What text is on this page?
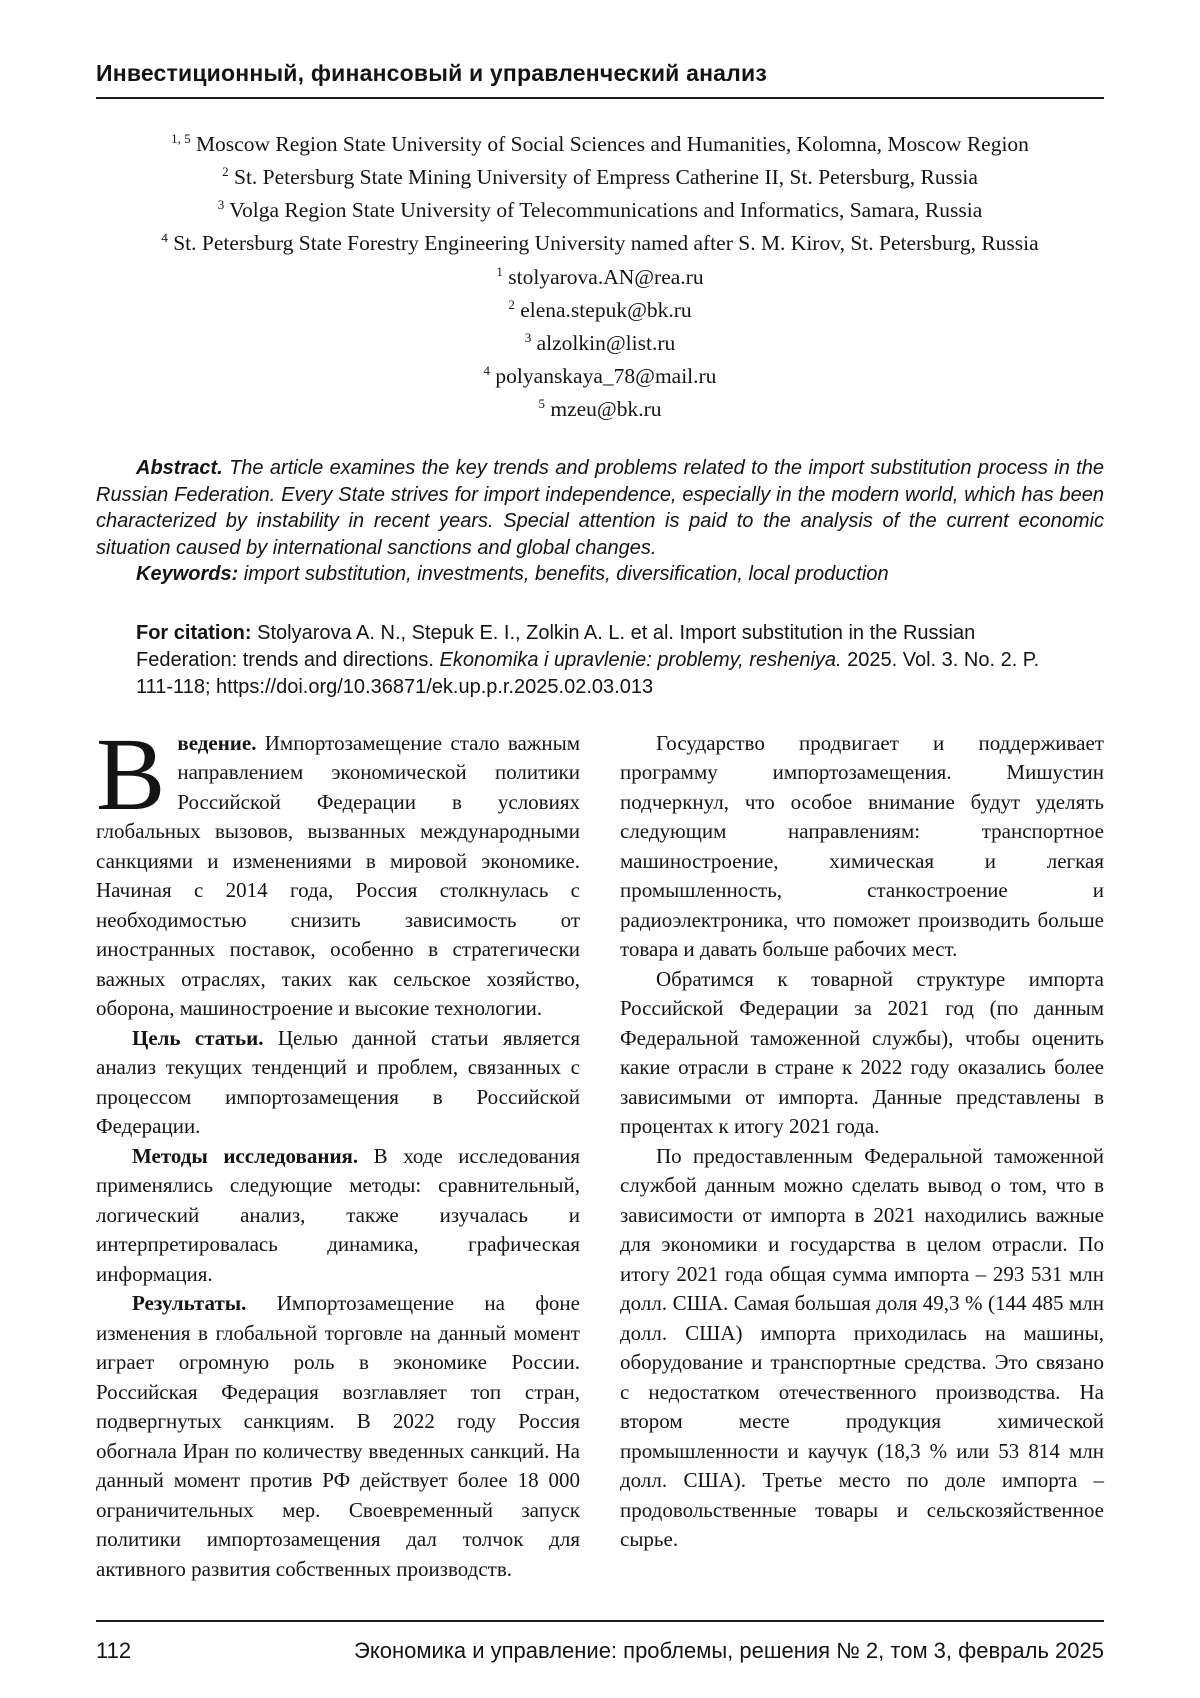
Инвестиционный, финансовый и управленческий анализ
$^{1, 5}$ Moscow Region State University of Social Sciences and Humanities, Kolomna, Moscow Region
$^2$ St. Petersburg State Mining University of Empress Catherine II, St. Petersburg, Russia
$^3$ Volga Region State University of Telecommunications and Informatics, Samara, Russia
$^4$ St. Petersburg State Forestry Engineering University named after S. M. Kirov, St. Petersburg, Russia
$^1$ stolyarova.AN@rea.ru
$^2$ elena.stepuk@bk.ru
$^3$ alzolkin@list.ru
$^4$ polyanskaya_78@mail.ru
$^5$ mzeu@bk.ru

Abstract. The article examines the key trends and problems related to the import substitution process in the Russian Federation. Every State strives for import independence, especially in the modern world, which has been characterized by instability in recent years. Special attention is paid to the analysis of the current economic situation caused by international sanctions and global changes.

Keywords: import substitution, investments, benefits, diversification, local production

For citation: Stolyarova A. N., Stepuk E. I., Zolkin A. L. et al. Import substitution in the Russian Federation: trends and directions. Ekonomika i upravlenie: problemy, resheniya. 2025. Vol. 3. No. 2. P. 111-118; https://doi.org/10.36871/ek.up.p.r.2025.02.03.013

Введение. Импортозамещение стало важным направлением экономической политики Российской Федерации в условиях глобальных вызовов, вызванных международными санкциями и изменениями в мировой экономике. Начиная с 2014 года, Россия столкнулась с необходимостью снизить зависимость от иностранных поставок, особенно в стратегически важных отраслях, таких как сельское хозяйство, оборона, машиностроение и высокие технологии.

Цель статьи. Целью данной статьи является анализ текущих тенденций и проблем, связанных с процессом импортозамещения в Российской Федерации.

Методы исследования. В ходе исследования применялись следующие методы: сравнительный, логический анализ, также изучалась и интерпретировалась динамика, графическая информация.

Результаты. Импортозамещение на фоне изменения в глобальной торговле на данный момент играет огромную роль в экономике России. Российская Федерация возглавляет топ стран, подвергнутых санкциям. В 2022 году Россия обогнала Иран по количеству введенных санкций. На данный момент против РФ действует более 18 000 ограничительных мер. Своевременный запуск политики импортозамещения дал толчок для активного развития собственных производств.

Государство продвигает и поддерживает программу импортозамещения. Мишустин подчеркнул, что особое внимание будут уделять следующим направлениям: транспортное машиностроение, химическая и легкая промышленность, станкостроение и радиоэлектроника, что поможет производить больше товара и давать больше рабочих мест.

Обратимся к товарной структуре импорта Российской Федерации за 2021 год (по данным Федеральной таможенной службы), чтобы оценить какие отрасли в стране к 2022 году оказались более зависимыми от импорта. Данные представлены в процентах к итогу 2021 года.

По предоставленным Федеральной таможенной службой данным можно сделать вывод о том, что в зависимости от импорта в 2021 находились важные для экономики и государства в целом отрасли. По итогу 2021 года общая сумма импорта – 293 531 млн долл. США. Самая большая доля 49,3 % (144 485 млн долл. США) импорта приходилась на машины, оборудование и транспортные средства. Это связано с недостатком отечественного производства. На втором месте продукция химической промышленности и каучук (18,3 % или 53 814 млн долл. США). Третье место по доле импорта – продовольственные товары и сельскозяйственное сырье.

112	Экономика и управление: проблемы, решения № 2, том 3, февраль 2025
